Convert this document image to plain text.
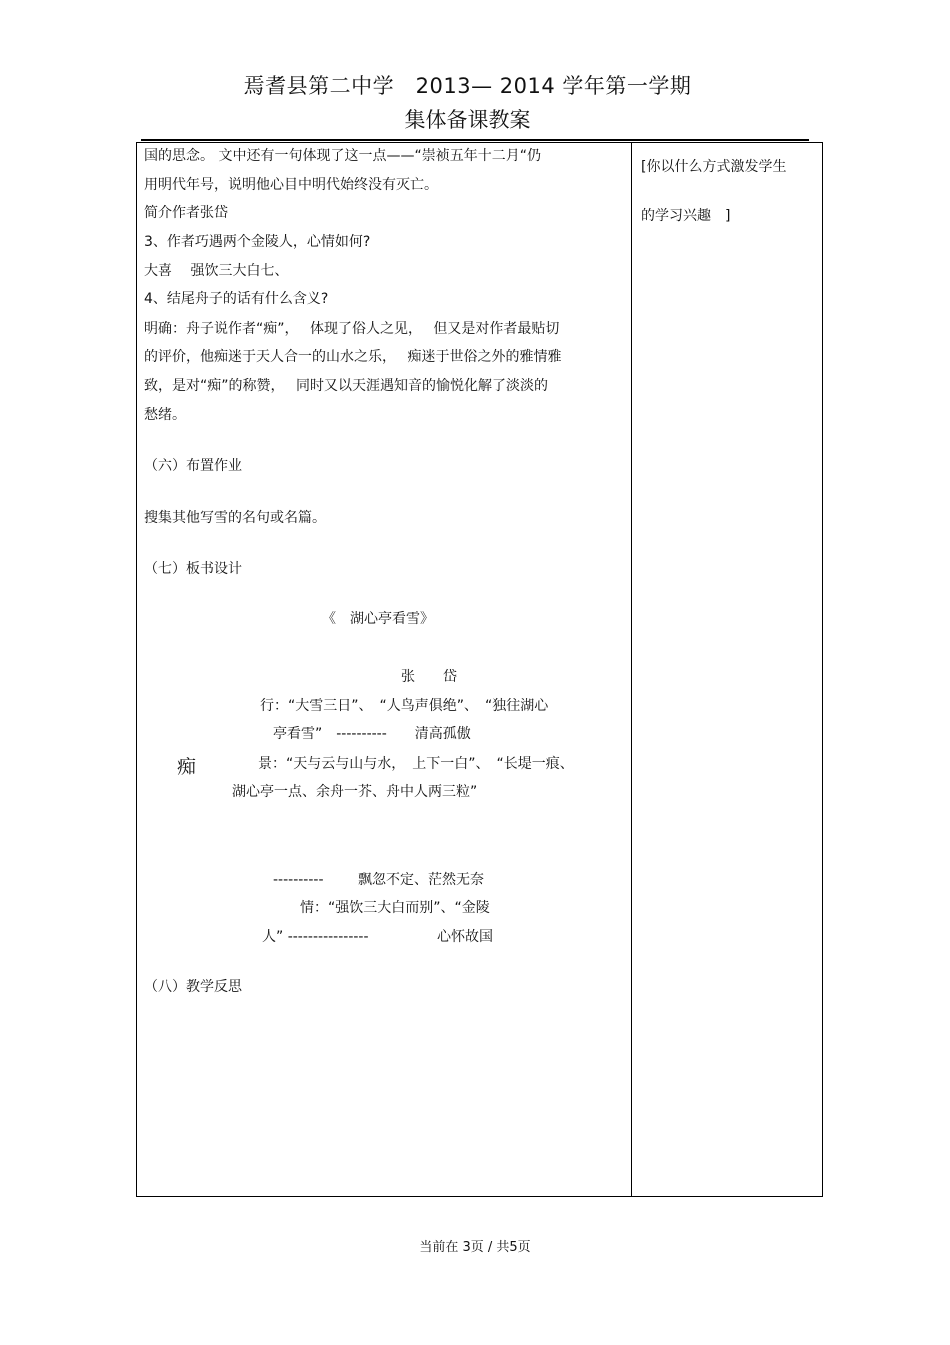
焉耆县第二中学　2013— 2014 学年第一学期
集体备课教案
国的思念。 文中还有一句体现了这一点——“崇祯五年十二月“仍
用明代年号，说明他心目中明代始终没有灭亡。
简介作者张岱
3、作者巧遇两个金陵人，心情如何?
大喜　 强饮三大白七、
4、结尾舟子的话有什么含义?
明确：舟子说作者“痴”，　 体现了俗人之见，　 但又是对作者最贴切
的评价，他痴迷于天人合一的山水之乐，　 痴迷于世俗之外的雅情雅
致，是对“痴”的称赞，　 同时又以天涯遇知音的愉悦化解了淡淡的
愁绪。
（六）布置作业
搜集其他写雪的名句或名篇。
（七）板书设计
《　湖心亭看雪》
张　　岱
行：“大雪三日”、　“人鸟声俱绝”、　“独往湖心
亭看雪”　----------　　清高孤傲
痴	景：“天与云与山与水，　上下一白”、　“长堤一痕、
湖心亭一点、余舟一芥、舟中人两三粒”
---------- 飘忽不定、茫然无奈
情：“强饮三大白而别”、“金陵
人” ----------------	心怀故国
（八）教学反思
[你以什么方式激发学生
的学习兴趣　]
当前在 3页 / 共5页
